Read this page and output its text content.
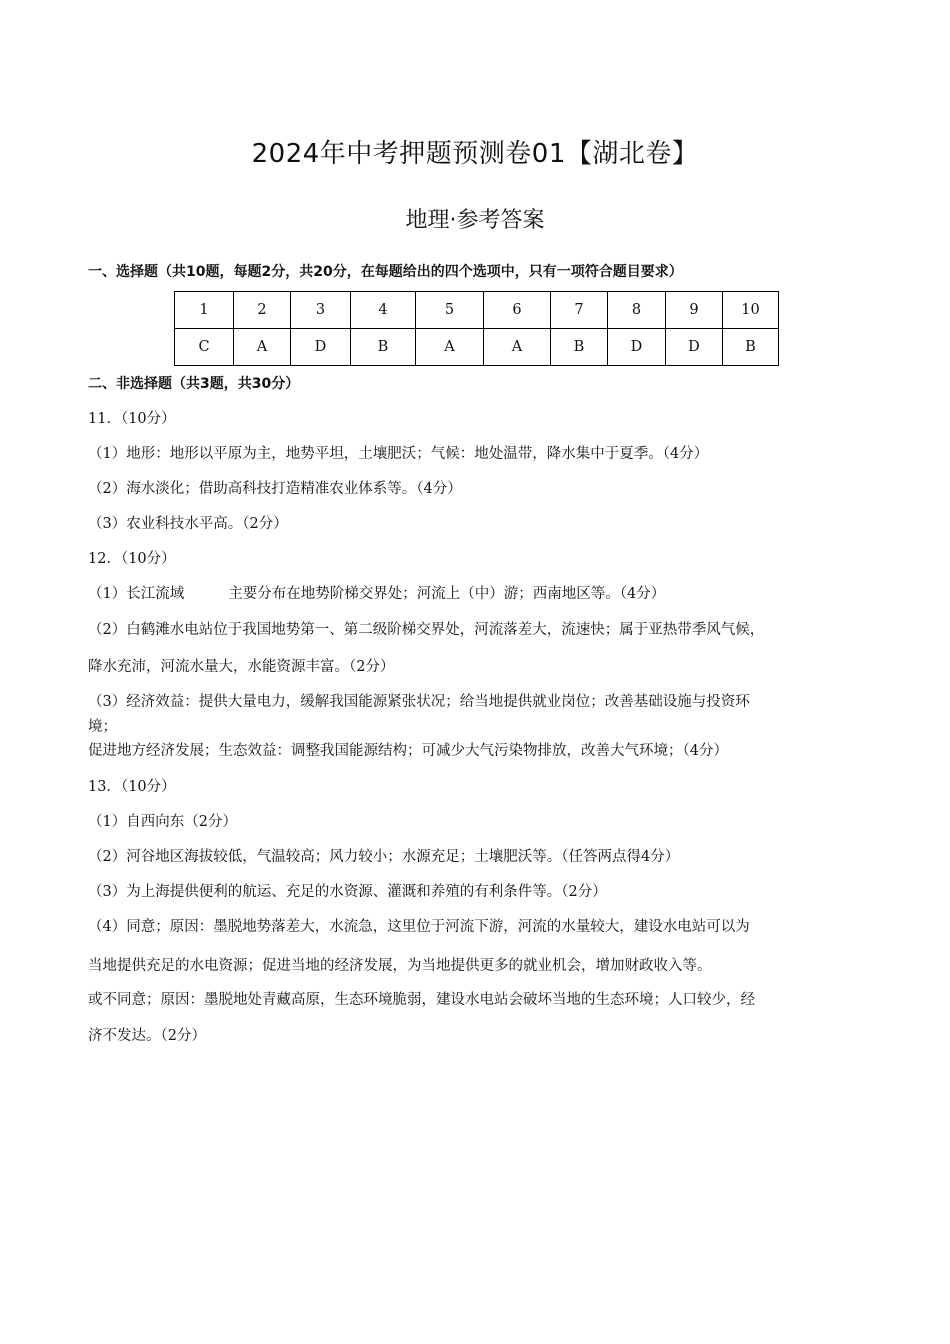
2024年中考押题预测卷01【湖北卷】
地理·参考答案
一、选择题（共10题，每题2分，共20分，在每题给出的四个选项中，只有一项符合题目要求）
1	2	3	4	5	6	7	8	9	10
C	A	D	B	A	A	B	D	D	B
二、非选择题（共3题，共30分）
11．（10分）
（1）地形：地形以平原为主，地势平坦，土壤肥沃；气候：地处温带，降水集中于夏季。（4分）
（2）海水淡化；借助高科技打造精准农业体系等。（4分）
（3）农业科技水平高。（2分）
12．（10分）
（1）长江流域	主要分布在地势阶梯交界处；河流上（中）游；西南地区等。（4分）
（2）白鹤滩水电站位于我国地势第一、第二级阶梯交界处，河流落差大，流速快；属于亚热带季风气候，
降水充沛，河流水量大，水能资源丰富。（2分）
（3）经济效益：提供大量电力，缓解我国能源紧张状况；给当地提供就业岗位；改善基础设施与投资环
境；
促进地方经济发展；生态效益：调整我国能源结构；可减少大气污染物排放，改善大气环境；（4分）
13．（10分）
（1）自西向东（2分）
（2）河谷地区海拔较低，气温较高；风力较小；水源充足；土壤肥沃等。（任答两点得4分）
（3）为上海提供便利的航运、充足的水资源、灌溉和养殖的有利条件等。（2分）
（4）同意；原因：墨脱地势落差大，水流急，这里位于河流下游，河流的水量较大，建设水电站可以为
当地提供充足的水电资源；促进当地的经济发展，为当地提供更多的就业机会，增加财政收入等。
或不同意；原因：墨脱地处青藏高原，生态环境脆弱，建设水电站会破坏当地的生态环境；人口较少，经
济不发达。（2分）
